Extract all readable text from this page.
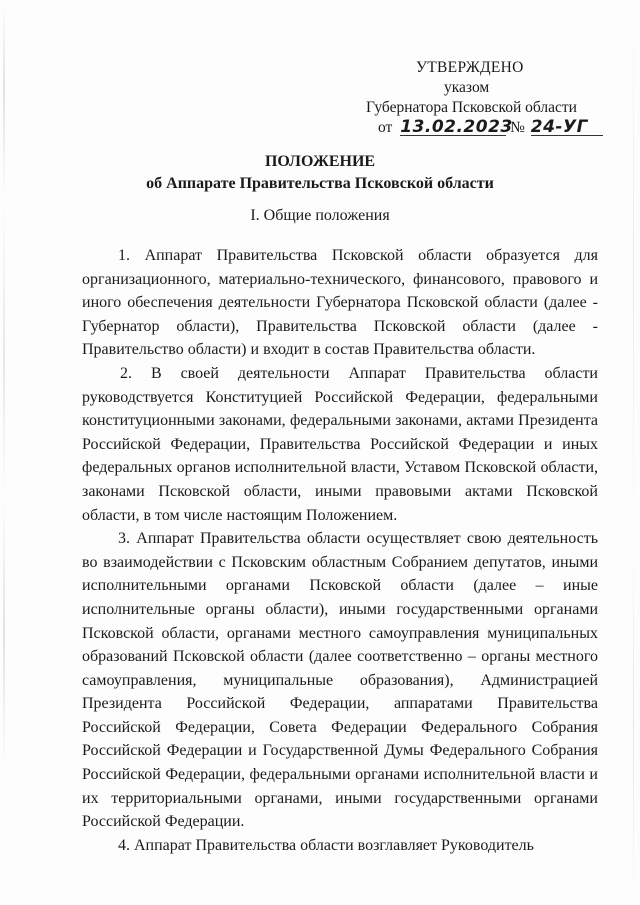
УТВЕРЖДЕНО
указом
Губернатора Псковской области
от 13.02.2023 № 24-УГ
ПОЛОЖЕНИЕ
об Аппарате Правительства Псковской области
I. Общие положения

1. Аппарат Правительства Псковской области образуется для организационного, материально-технического, финансового, правового и иного обеспечения деятельности Губернатора Псковской области (далее - Губернатор области), Правительства Псковской области (далее - Правительство области) и входит в состав Правительства области.

2. В своей деятельности Аппарат Правительства области руководствуется Конституцией Российской Федерации, федеральными конституционными законами, федеральными законами, актами Президента Российской Федерации, Правительства Российской Федерации и иных федеральных органов исполнительной власти, Уставом Псковской области, законами Псковской области, иными правовыми актами Псковской области, в том числе настоящим Положением.

3. Аппарат Правительства области осуществляет свою деятельность во взаимодействии с Псковским областным Собранием депутатов, иными исполнительными органами Псковской области (далее – иные исполнительные органы области), иными государственными органами Псковской области, органами местного самоуправления муниципальных образований Псковской области (далее соответственно – органы местного самоуправления, муниципальные образования), Администрацией Президента Российской Федерации, аппаратами Правительства Российской Федерации, Совета Федерации Федерального Собрания Российской Федерации и Государственной Думы Федерального Собрания Российской Федерации, федеральными органами исполнительной власти и их территориальными органами, иными государственными органами Российской Федерации.

4. Аппарат Правительства области возглавляет Руководитель
